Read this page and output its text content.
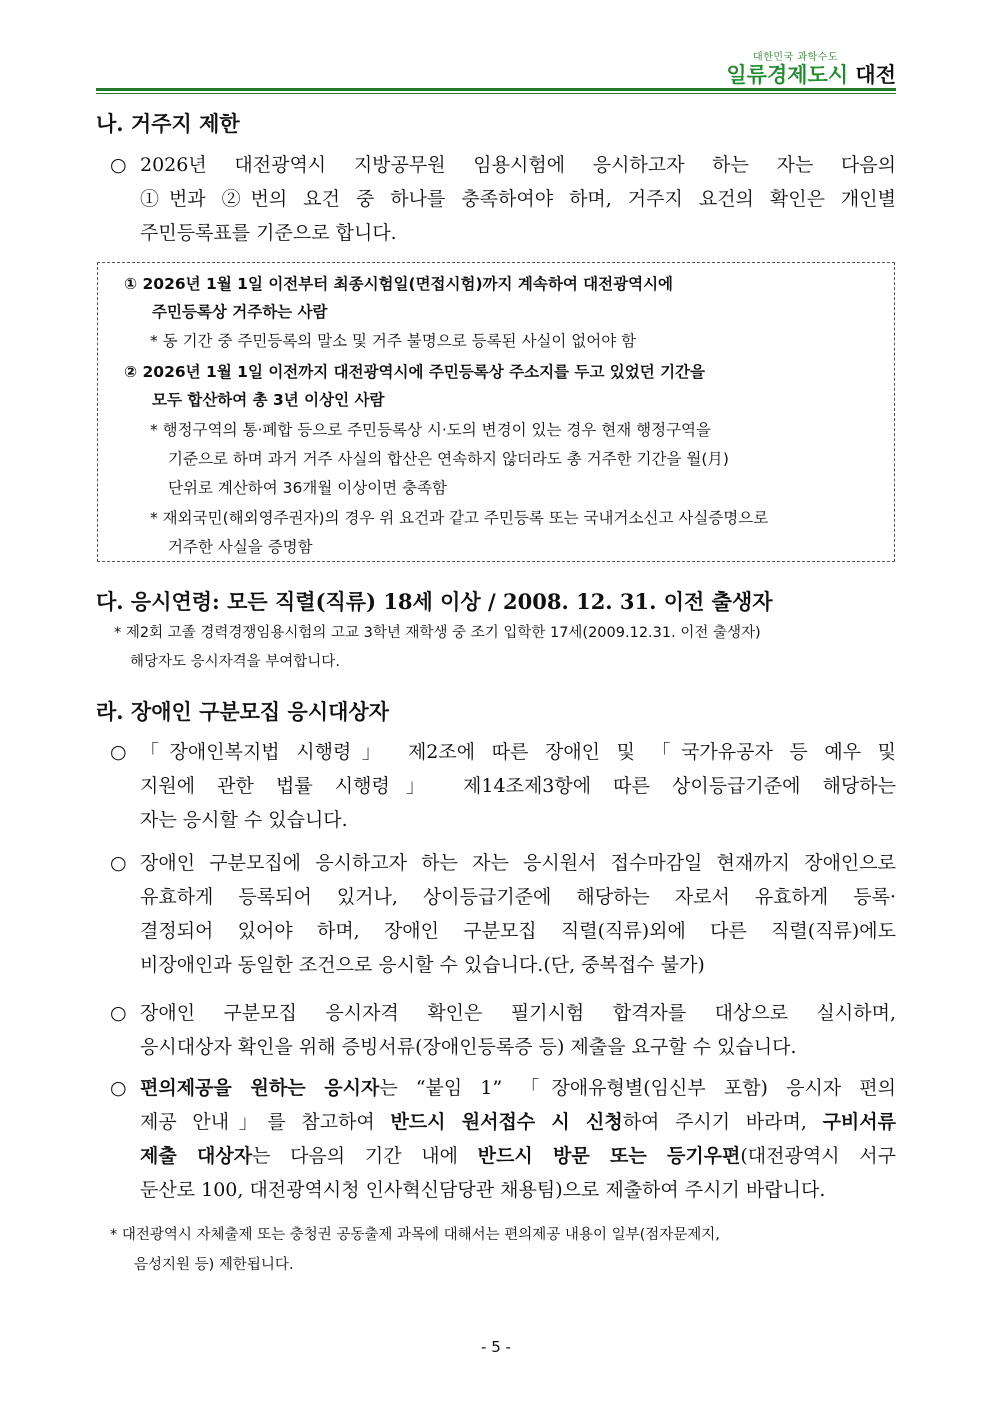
대한민국 과학수도
일류경제도시 대전
나. 거주지 제한
○ 2026년 대전광역시 지방공무원 임용시험에 응시하고자 하는 자는 다음의
①번과 ②번의 요건 중 하나를 충족하여야 하며, 거주지 요건의 확인은 개인별
주민등록표를 기준으로 합니다.
① 2026년 1월 1일 이전부터 최종시험일(면접시험)까지 계속하여 대전광역시에
주민등록상 거주하는 사람
* 동 기간 중 주민등록의 말소 및 거주 불명으로 등록된 사실이 없어야 함
② 2026년 1월 1일 이전까지 대전광역시에 주민등록상 주소지를 두고 있었던 기간을
모두 합산하여 총 3년 이상인 사람
* 행정구역의 통·폐합 등으로 주민등록상 시·도의 변경이 있는 경우 현재 행정구역을
기준으로 하며 과거 거주 사실의 합산은 연속하지 않더라도 총 거주한 기간을 월(月)
단위로 계산하여 36개월 이상이면 충족함
* 재외국민(해외영주권자)의 경우 위 요건과 같고 주민등록 또는 국내거소신고 사실증명으로
거주한 사실을 증명함
다. 응시연령: 모든 직렬(직류) 18세 이상 / 2008. 12. 31. 이전 출생자
* 제2회 고졸 경력경쟁임용시험의 고교 3학년 재학생 중 조기 입학한 17세(2009.12.31. 이전 출생자)
해당자도 응시자격을 부여합니다.
라. 장애인 구분모집 응시대상자
○ 「장애인복지법 시행령」 제2조에 따른 장애인 및 「국가유공자 등 예우 및
지원에 관한 법률 시행령」 제14조제3항에 따른 상이등급기준에 해당하는
자는 응시할 수 있습니다.
○ 장애인 구분모집에 응시하고자 하는 자는 응시원서 접수마감일 현재까지 장애인으로
유효하게 등록되어 있거나, 상이등급기준에 해당하는 자로서 유효하게 등록·
결정되어 있어야 하며, 장애인 구분모집 직렬(직류)외에 다른 직렬(직류)에도
비장애인과 동일한 조건으로 응시할 수 있습니다.(단, 중복접수 불가)
○ 장애인 구분모집 응시자격 확인은 필기시험 합격자를 대상으로 실시하며,
응시대상자 확인을 위해 증빙서류(장애인등록증 등) 제출을 요구할 수 있습니다.
○ 편의제공을 원하는 응시자는 “붙임 1” 「장애유형별(임신부 포함) 응시자 편의
제공 안내」를 참고하여 반드시 원서접수 시 신청하여 주시기 바라며, 구비서류
제출 대상자는 다음의 기간 내에 반드시 방문 또는 등기우편(대전광역시 서구
둔산로 100, 대전광역시청 인사혁신담당관 채용팀)으로 제출하여 주시기 바랍니다.
* 대전광역시 자체출제 또는 충청권 공동출제 과목에 대해서는 편의제공 내용이 일부(점자문제지,
음성지원 등) 제한됩니다.
- 5 -
